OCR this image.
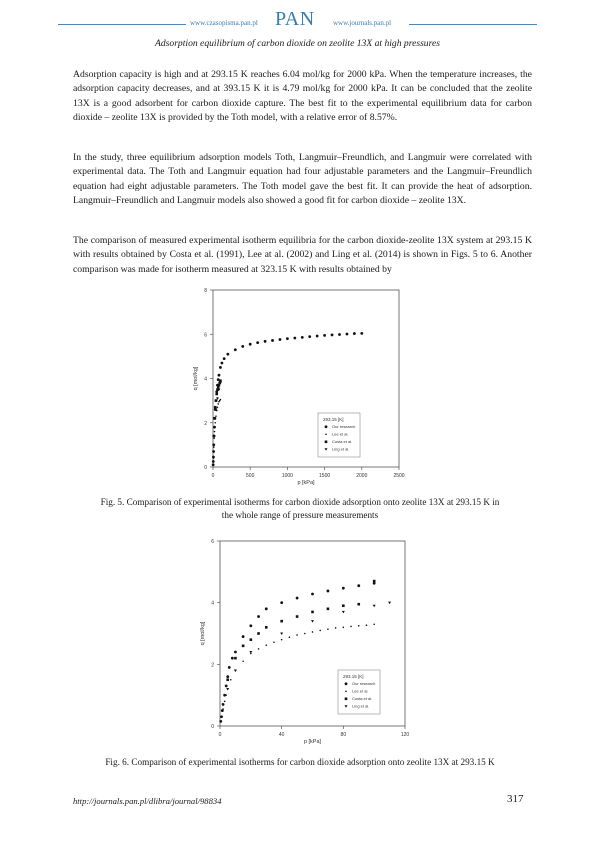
www.czasopisma.pan.pl PAN	www.journals.pan.pl
Adsorption equilibrium of carbon dioxide on zeolite 13X at high pressures

Adsorption capacity is high and at 293.15 K reaches 6.04 mol/kg for 2000 kPa. When the temperature increases, the adsorption capacity decreases, and at 393.15 K it is 4.79 mol/kg for 2000 kPa. It can be concluded that the zeolite 13X is a good adsorbent for carbon dioxide capture. The best fit to the experimental equilibrium data for carbon dioxide – zeolite 13X is provided by the Toth model, with a relative error of 8.57%.

In the study, three equilibrium adsorption models Toth, Langmuir–Freundlich, and Langmuir were correlated with experimental data. The Toth and Langmuir equation had four adjustable parameters and the Langmuir–Freundlich equation had eight adjustable parameters. The Toth model gave the best fit. It can provide the heat of adsorption. Langmuir–Freundlich and Langmuir models also showed a good fit for carbon dioxide – zeolite 13X.

The comparison of measured experimental isotherm equilibria for the carbon dioxide-zeolite 13X system at 293.15 K with results obtained by Costa et al. (1991), Lee at al. (2002) and Ling et al. (2014) is shown in Figs. 5 to 6. Another comparison was made for isotherm measured at 323.15 K with results obtained by

0	500	1000	1500	2000	2500
0
2
4
6
8
p [kPa]
q [mol/kg]
293.15 [K]
Our research
Lee et al.
Costa et al.
Ling et al.

Fig. 5. Comparison of experimental isotherms for carbon dioxide adsorption onto zeolite 13X at 293.15 K in the whole range of pressure measurements

0	40	80	120
0
2
4
6
p [kPa]
q [mol/kg]
293.15 [K]
Our research
Lee et al.
Costa et al.
Ling et al.

Fig. 6. Comparison of experimental isotherms for carbon dioxide adsorption onto zeolite 13X at 293.15 K

http://journals.pan.pl/dlibra/journal/98834	317
